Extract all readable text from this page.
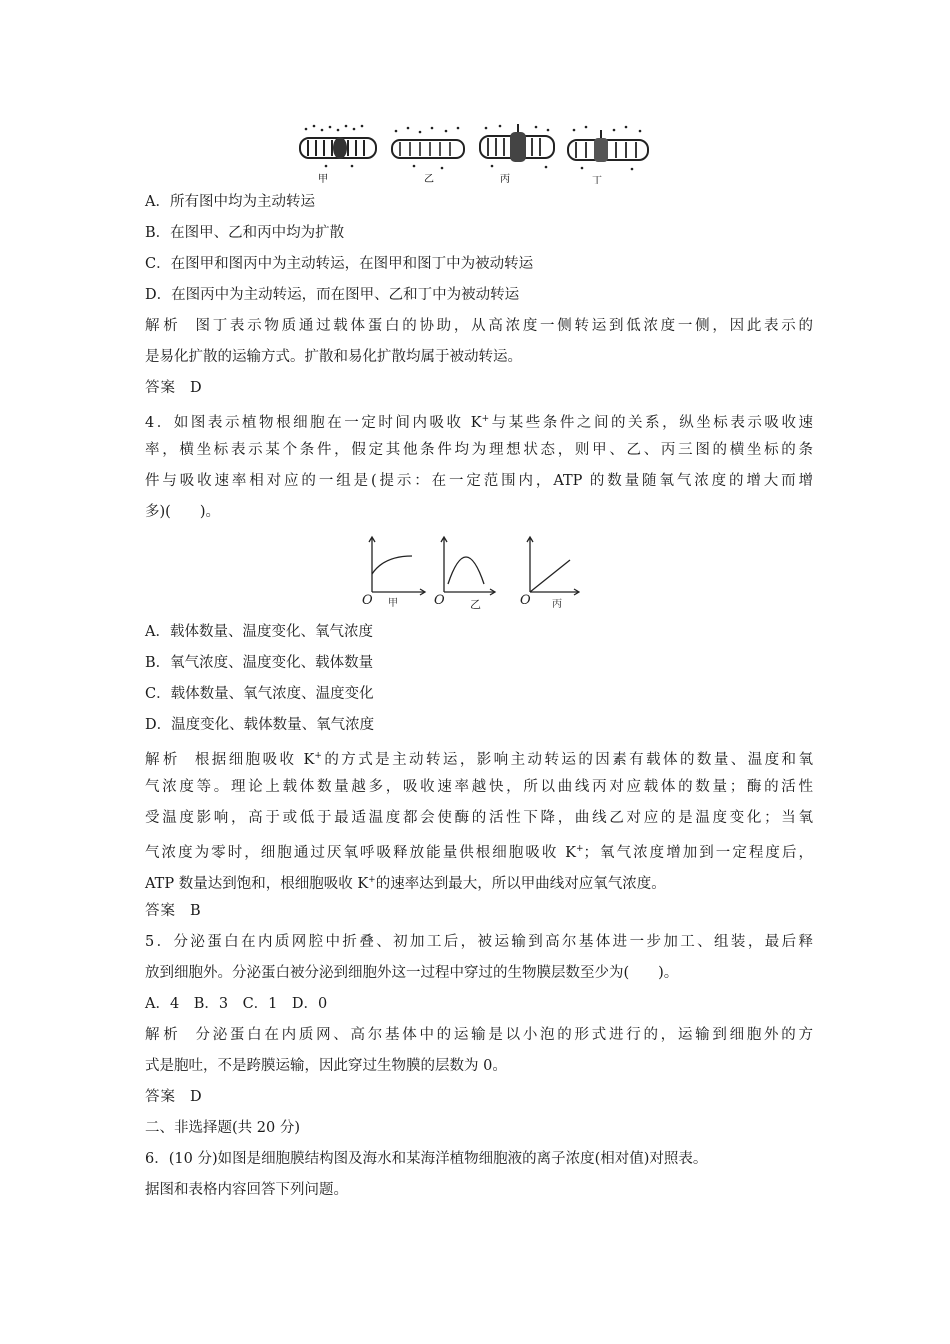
甲	乙	丙	丁
A．所有图中均为主动转运
B．在图甲、乙和丙中均为扩散
C．在图甲和图丙中为主动转运，在图甲和图丁中为被动转运
D．在图丙中为主动转运，而在图甲、乙和丁中为被动转运
解析 图丁表示物质通过载体蛋白的协助，从高浓度一侧转运到低浓度一侧，因此表示的
是易化扩散的运输方式。扩散和易化扩散均属于被动转运。
答案 D
4．如图表示植物根细胞在一定时间内吸收 K+与某些条件之间的关系，纵坐标表示吸收速
率，横坐标表示某个条件，假定其他条件均为理想状态，则甲、乙、丙三图的横坐标的条
件与吸收速率相对应的一组是(提示：在一定范围内，ATP 的数量随氧气浓度的增大而增
多)(　　)。
O 甲	O 乙	O 丙
A．载体数量、温度变化、氧气浓度
B．氧气浓度、温度变化、载体数量
C．载体数量、氧气浓度、温度变化
D．温度变化、载体数量、氧气浓度
解析 根据细胞吸收 K+的方式是主动转运，影响主动转运的因素有载体的数量、温度和氧
气浓度等。理论上载体数量越多，吸收速率越快，所以曲线丙对应载体的数量；酶的活性
受温度影响，高于或低于最适温度都会使酶的活性下降，曲线乙对应的是温度变化；当氧
气浓度为零时，细胞通过厌氧呼吸释放能量供根细胞吸收 K+；氧气浓度增加到一定程度后，
ATP 数量达到饱和，根细胞吸收 K+的速率达到最大，所以甲曲线对应氧气浓度。
答案 B
5．分泌蛋白在内质网腔中折叠、初加工后，被运输到高尔基体进一步加工、组装，最后释
放到细胞外。分泌蛋白被分泌到细胞外这一过程中穿过的生物膜层数至少为(　　)。
A．4　B．3　C．1　D．0
解析 分泌蛋白在内质网、高尔基体中的运输是以小泡的形式进行的，运输到细胞外的方
式是胞吐，不是跨膜运输，因此穿过生物膜的层数为 0。
答案 D
二、非选择题(共 20 分)
6．(10 分)如图是细胞膜结构图及海水和某海洋植物细胞液的离子浓度(相对值)对照表。
据图和表格内容回答下列问题。
